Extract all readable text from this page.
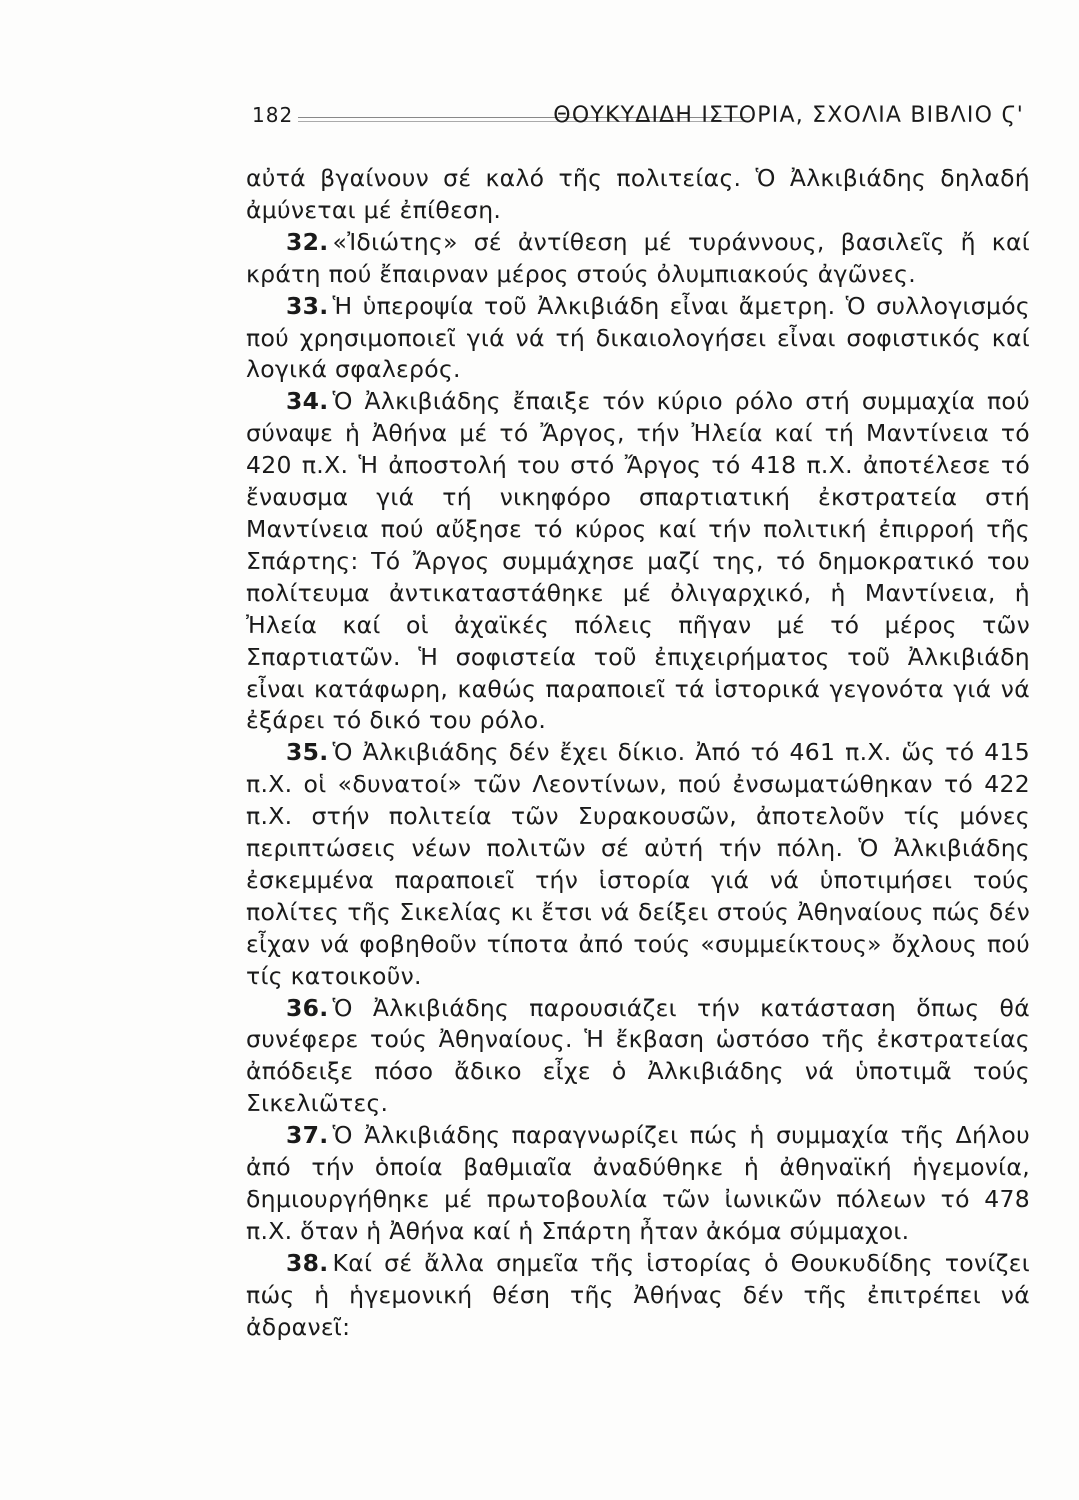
182	ΘΟΥΚΥΔΙΔΗ ΙΣΤΟΡΙΑ, ΣΧΟΛΙΑ ΒΙΒΛΙΟ Ϛ'

αὐτά βγαίνουν σέ καλό τῆς πολιτείας. Ὁ Ἀλκιβιάδης δηλαδή ἀμύνεται μέ ἐπίθεση.

32. «Ἰδιώτης» σέ ἀντίθεση μέ τυράννους, βασιλεῖς ἤ καί κράτη πού ἔπαιρναν μέρος στούς ὀλυμπιακούς ἀγῶνες.

33. Ἡ ὑπεροψία τοῦ Ἀλκιβιάδη εἶναι ἄμετρη. Ὁ συλλογισμός πού χρησιμοποιεῖ γιά νά τή δικαιολογήσει εἶναι σοφιστικός καί λογικά σφαλερός.

34. Ὁ Ἀλκιβιάδης ἔπαιξε τόν κύριο ρόλο στή συμμαχία πού σύναψε ἡ Ἀθήνα μέ τό Ἄργος, τήν Ἠλεία καί τή Μαντίνεια τό 420 π.Χ. Ἡ ἀποστολή του στό Ἄργος τό 418 π.Χ. ἀποτέλεσε τό ἔναυσμα γιά τή νικηφόρο σπαρτιατική ἐκστρατεία στή Μαντίνεια πού αὔξησε τό κύρος καί τήν πολιτική ἐπιρροή τῆς Σπάρτης: Τό Ἄργος συμμάχησε μαζί της, τό δημοκρατικό του πολίτευμα ἀντικαταστάθηκε μέ ὀλιγαρχικό, ἡ Μαντίνεια, ἡ Ἠλεία καί οἱ ἀχαϊκές πόλεις πῆγαν μέ τό μέρος τῶν Σπαρτιατῶν. Ἡ σοφιστεία τοῦ ἐπιχειρήματος τοῦ Ἀλκιβιάδη εἶναι κατάφωρη, καθώς παραποιεῖ τά ἱστορικά γεγονότα γιά νά ἐξάρει τό δικό του ρόλο.

35. Ὁ Ἀλκιβιάδης δέν ἔχει δίκιο. Ἀπό τό 461 π.Χ. ὥς τό 415 π.Χ. οἱ «δυνατοί» τῶν Λεοντίνων, πού ἐνσωματώθηκαν τό 422 π.Χ. στήν πολιτεία τῶν Συρακουσῶν, ἀποτελοῦν τίς μόνες περιπτώσεις νέων πολιτῶν σέ αὐτή τήν πόλη. Ὁ Ἀλκιβιάδης ἐσκεμμένα παραποιεῖ τήν ἱστορία γιά νά ὑποτιμήσει τούς πολίτες τῆς Σικελίας κι ἔτσι νά δείξει στούς Ἀθηναίους πώς δέν εἶχαν νά φοβηθοῦν τίποτα ἀπό τούς «συμμείκτους» ὄχλους πού τίς κατοικοῦν.

36. Ὁ Ἀλκιβιάδης παρουσιάζει τήν κατάσταση ὅπως θά συνέφερε τούς Ἀθηναίους. Ἡ ἔκβαση ὡστόσο τῆς ἐκστρατείας ἀπόδειξε πόσο ἄδικο εἶχε ὁ Ἀλκιβιάδης νά ὑποτιμᾶ τούς Σικελιῶτες.

37. Ὁ Ἀλκιβιάδης παραγνωρίζει πώς ἡ συμμαχία τῆς Δήλου ἀπό τήν ὁποία βαθμιαῖα ἀναδύθηκε ἡ ἀθηναϊκή ἡγεμονία, δημιουργήθηκε μέ πρωτοβουλία τῶν ἰωνικῶν πόλεων τό 478 π.Χ. ὅταν ἡ Ἀθήνα καί ἡ Σπάρτη ἦταν ἀκόμα σύμμαχοι.

38. Καί σέ ἄλλα σημεῖα τῆς ἱστορίας ὁ Θουκυδίδης τονίζει πώς ἡ ἡγεμονική θέση τῆς Ἀθήνας δέν τῆς ἐπιτρέπει νά ἀδρανεῖ:
